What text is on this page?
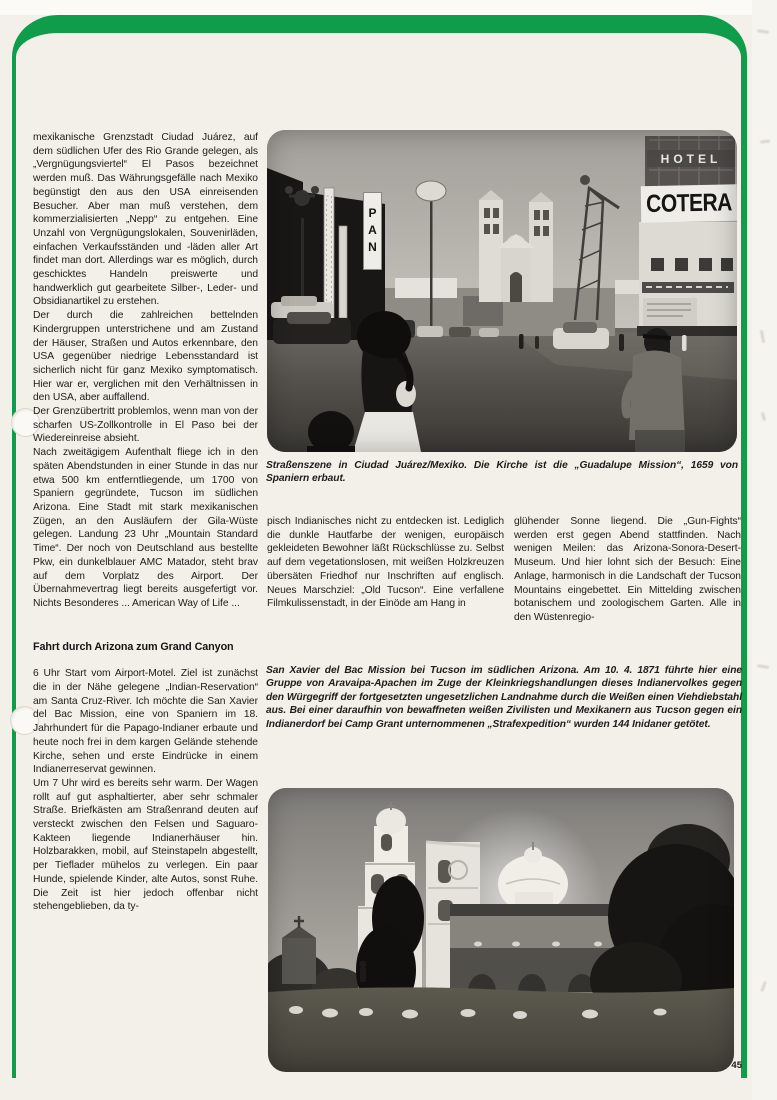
mexikanische Grenzstadt Ciudad Juárez, auf dem südlichen Ufer des Rio Grande gelegen, als „Vergnügungsviertel“ El Pasos bezeichnet werden muß. Das Währungsgefälle nach Mexiko begünstigt den aus den USA einreisenden Besucher. Aber man muß verstehen, dem kommerzialisierten „Nepp“ zu entgehen. Eine Unzahl von Vergnügungslokalen, Souvenirläden, einfachen Verkaufsständen und -läden aller Art findet man dort. Allerdings war es möglich, durch geschicktes Handeln preiswerte und handwerklich gut gearbeitete Silber-, Leder- und Obsidianartikel zu erstehen.

Der durch die zahlreichen bettelnden Kindergruppen unterstrichene und am Zustand der Häuser, Straßen und Autos erkennbare, den USA gegenüber niedrige Lebensstandard ist sicherlich nicht für ganz Mexiko symptomatisch. Hier war er, verglichen mit den Verhältnissen in den USA, aber auffallend.

Der Grenzübertritt problemlos, wenn man von der scharfen US-Zollkontrolle in El Paso bei der Wiedereinreise absieht.

Nach zweitägigem Aufenthalt fliege ich in den späten Abendstunden in einer Stunde in das nur etwa 500 km entferntliegende, um 1700 von Spaniern gegründete, Tucson im südlichen Arizona. Eine Stadt mit stark mexikanischen Zügen, an den Ausläufern der Gila-Wüste gelegen. Landung 23 Uhr „Mountain Standard Time“. Der noch von Deutschland aus bestellte Pkw, ein dunkelblauer AMC Matador, steht brav auf dem Vorplatz des Airport. Der Übernahmevertrag liegt bereits ausgefertigt vor. Nichts Besonderes ... American Way of Life ...

Fahrt durch Arizona zum Grand Canyon

6 Uhr Start vom Airport-Motel. Ziel ist zunächst die in der Nähe gelegene „Indian-Reservation“ am Santa Cruz-River. Ich möchte die San Xavier del Bac Mission, eine von Spaniern im 18. Jahrhundert für die Papago-Indianer erbaute und heute noch frei in dem kargen Gelände stehende Kirche, sehen und erste Eindrücke in einem Indianerreservat gewinnen.

Um 7 Uhr wird es bereits sehr warm. Der Wagen rollt auf gut asphaltierter, aber sehr schmaler Straße. Briefkästen am Straßenrand deuten auf versteckt zwischen den Felsen und Saguaro-Kakteen liegende Indianerhäuser hin. Holzbarakken, mobil, auf Steinstapeln abgestellt, per Tieflader mühelos zu verlegen. Ein paar Hunde, spielende Kinder, alte Autos, sonst Ruhe. Die Zeit ist hier jedoch offenbar nicht stehengeblieben, da ty-

PAN
HOTEL
COTERA
Straßenszene in Ciudad Juárez/Mexiko. Die Kirche ist die „Guadalupe Mission“, 1659 von Spaniern erbaut.

pisch Indianisches nicht zu entdecken ist. Lediglich die dunkle Hautfarbe der wenigen, europäisch gekleideten Bewohner läßt Rückschlüsse zu. Selbst auf dem vegetationslosen, mit weißen Holzkreuzen übersäten Friedhof nur Inschriften auf englisch. Neues Marschziel: „Old Tucson“. Eine verfallene Filmkulissenstadt, in der Einöde am Hang in

glühender Sonne liegend. Die „Gun-Fights“ werden erst gegen Abend stattfinden. Nach wenigen Meilen: das Arizona-Sonora-Desert-Museum. Und hier lohnt sich der Besuch: Eine Anlage, harmonisch in die Landschaft der Tucson Mountains eingebettet. Ein Mittelding zwischen botanischem und zoologischem Garten. Alle in den Wüstenregio-

San Xavier del Bac Mission bei Tucson im südlichen Arizona. Am 10. 4. 1871 führte hier eine Gruppe von Aravaipa-Apachen im Zuge der Kleinkriegshandlungen dieses Indianervolkes gegen den Würgegriff der fortgesetzten ungesetzlichen Landnahme durch die Weißen einen Viehdiebstahl aus. Bei einer daraufhin von bewaffneten weißen Zivilisten und Mexikanern aus Tucson gegen ein Indianerdorf bei Camp Grant unternommenen „Strafexpedition“ wurden 144 Inidaner getötet.
45
